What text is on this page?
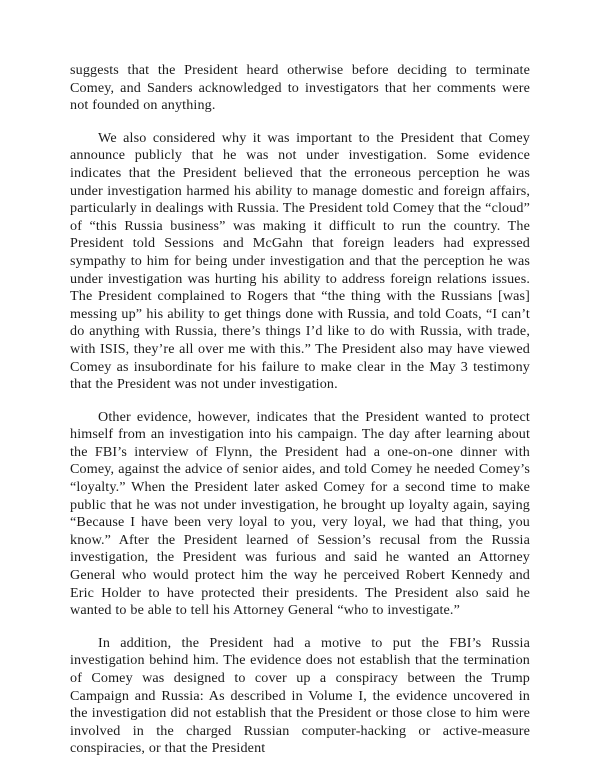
suggests that the President heard otherwise before deciding to terminate Comey, and Sanders acknowledged to investigators that her comments were not founded on anything.

We also considered why it was important to the President that Comey announce publicly that he was not under investigation. Some evidence indicates that the President believed that the erroneous perception he was under investigation harmed his ability to manage domestic and foreign affairs, particularly in dealings with Russia. The President told Comey that the “cloud” of “this Russia business” was making it difficult to run the country. The President told Sessions and McGahn that foreign leaders had expressed sympathy to him for being under investigation and that the perception he was under investigation was hurting his ability to address foreign relations issues. The President complained to Rogers that “the thing with the Russians [was] messing up” his ability to get things done with Russia, and told Coats, “I can’t do anything with Russia, there’s things I’d like to do with Russia, with trade, with ISIS, they’re all over me with this.” The President also may have viewed Comey as insubordinate for his failure to make clear in the May 3 testimony that the President was not under investigation.

Other evidence, however, indicates that the President wanted to protect himself from an investigation into his campaign. The day after learning about the FBI’s interview of Flynn, the President had a one-on-one dinner with Comey, against the advice of senior aides, and told Comey he needed Comey’s “loyalty.” When the President later asked Comey for a second time to make public that he was not under investigation, he brought up loyalty again, saying “Because I have been very loyal to you, very loyal, we had that thing, you know.” After the President learned of Session’s recusal from the Russia investigation, the President was furious and said he wanted an Attorney General who would protect him the way he perceived Robert Kennedy and Eric Holder to have protected their presidents. The President also said he wanted to be able to tell his Attorney General “who to investigate.”

In addition, the President had a motive to put the FBI’s Russia investigation behind him. The evidence does not establish that the termination of Comey was designed to cover up a conspiracy between the Trump Campaign and Russia: As described in Volume I, the evidence uncovered in the investigation did not establish that the President or those close to him were involved in the charged Russian computer-hacking or active-measure conspiracies, or that the President
